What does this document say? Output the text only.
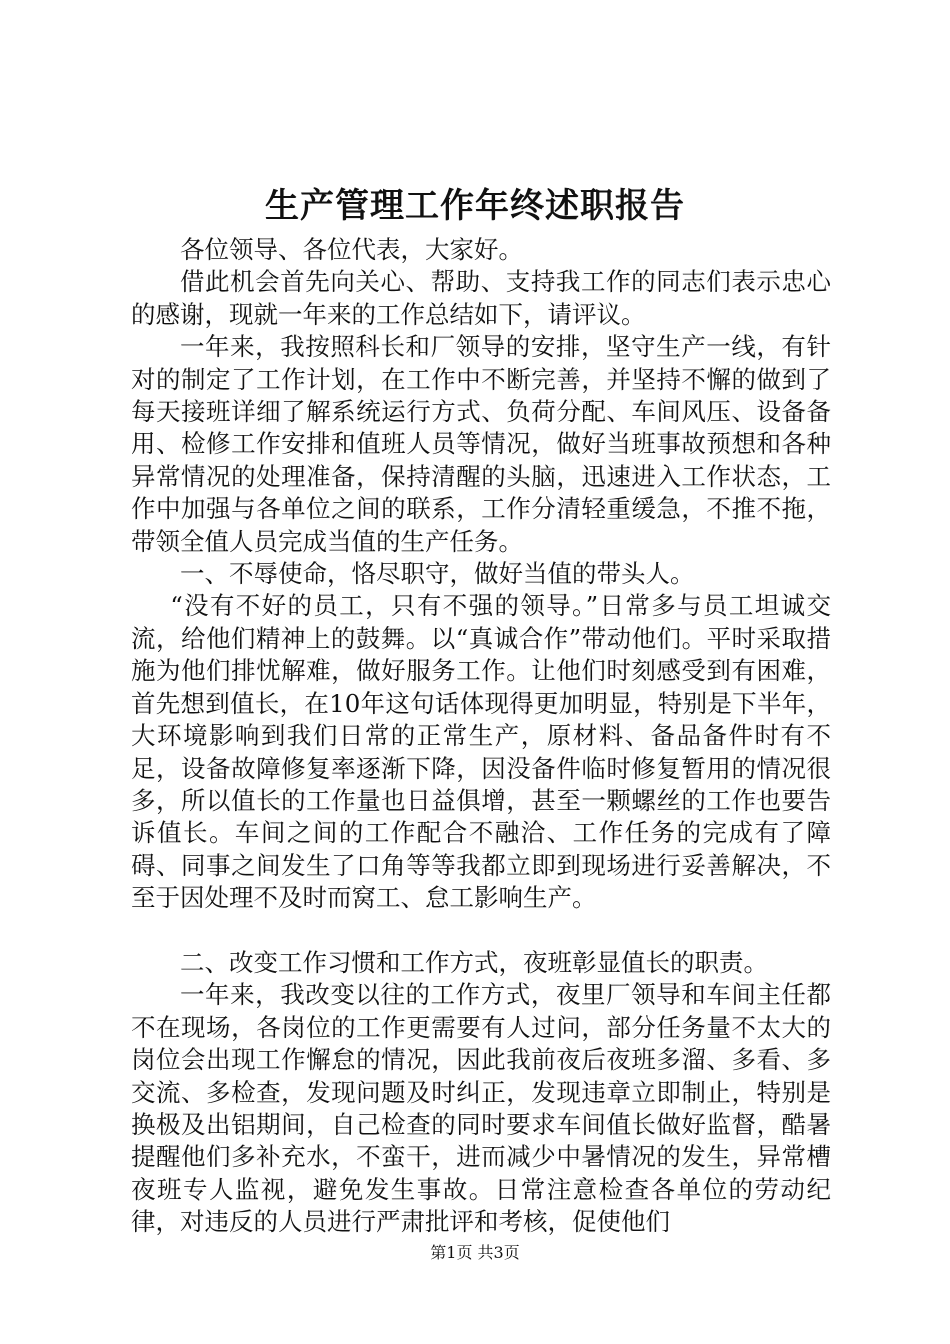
生产管理工作年终述职报告

各位领导、各位代表，大家好。

借此机会首先向关心、帮助、支持我工作的同志们表示忠心的感谢，现就一年来的工作总结如下，请评议。

一年来，我按照科长和厂领导的安排，坚守生产一线，有针对的制定了工作计划，在工作中不断完善，并坚持不懈的做到了每天接班详细了解系统运行方式、负荷分配、车间风压、设备备用、检修工作安排和值班人员等情况，做好当班事故预想和各种异常情况的处理准备，保持清醒的头脑，迅速进入工作状态，工作中加强与各单位之间的联系，工作分清轻重缓急，不推不拖，带领全值人员完成当值的生产任务。

一、不辱使命，恪尽职守，做好当值的带头人。

“没有不好的员工，只有不强的领导。”日常多与员工坦诚交流，给他们精神上的鼓舞。以“真诚合作”带动他们。平时采取措施为他们排忧解难，做好服务工作。让他们时刻感受到有困难，首先想到值长，在10年这句话体现得更加明显，特别是下半年，大环境影响到我们日常的正常生产，原材料、备品备件时有不足，设备故障修复率逐渐下降，因没备件临时修复暂用的情况很多，所以值长的工作量也日益俱增，甚至一颗螺丝的工作也要告诉值长。车间之间的工作配合不融洽、工作任务的完成有了障碍、同事之间发生了口角等等我都立即到现场进行妥善解决，不至于因处理不及时而窝工、怠工影响生产。

二、改变工作习惯和工作方式，夜班彰显值长的职责。

一年来，我改变以往的工作方式，夜里厂领导和车间主任都不在现场，各岗位的工作更需要有人过问，部分任务量不太大的岗位会出现工作懈怠的情况，因此我前夜后夜班多溜、多看、多交流、多检查，发现问题及时纠正，发现违章立即制止，特别是换极及出铝期间，自己检查的同时要求车间值长做好监督，酷暑提醒他们多补充水，不蛮干，进而减少中暑情况的发生，异常槽夜班专人监视，避免发生事故。日常注意检查各单位的劳动纪律，对违反的人员进行严肃批评和考核，促使他们

第1页 共3页
